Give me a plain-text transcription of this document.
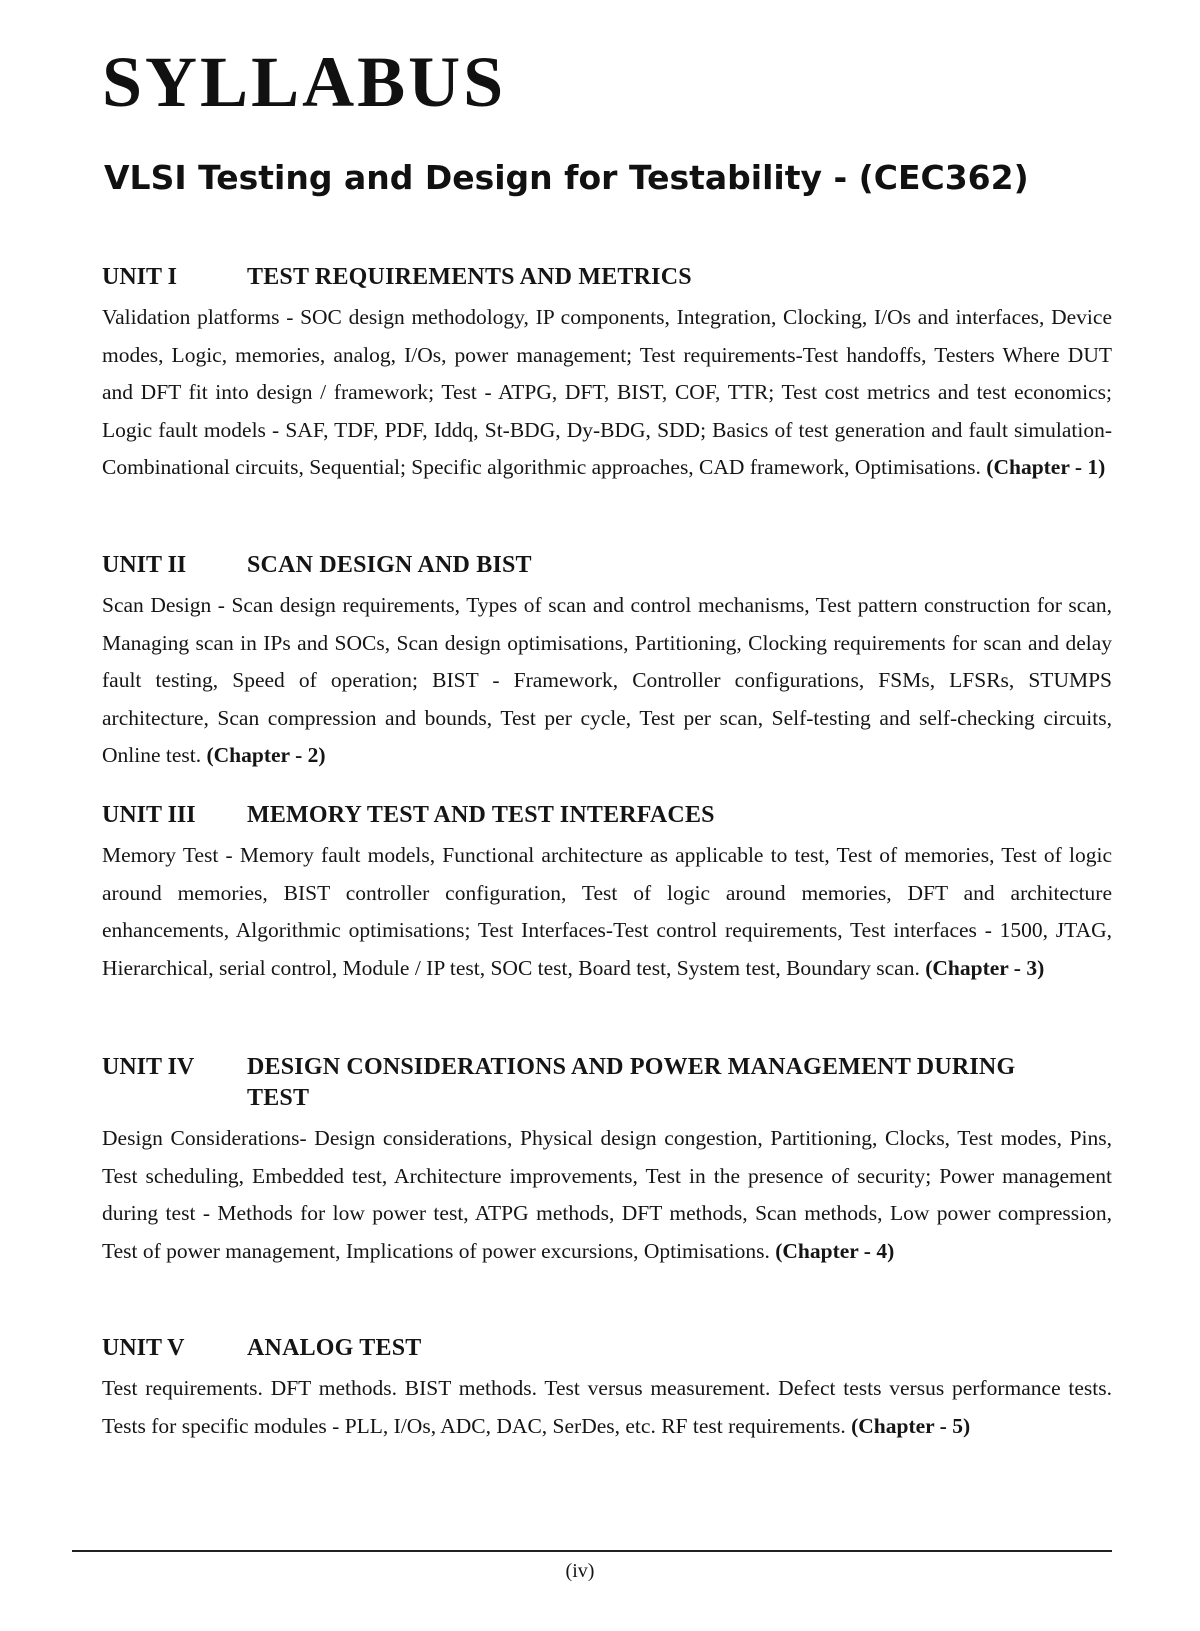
SYLLABUS
VLSI Testing and Design for Testability - (CEC362)
UNIT I	TEST REQUIREMENTS AND METRICS

Validation platforms - SOC design methodology, IP components, Integration, Clocking, I/Os and interfaces, Device modes, Logic, memories, analog, I/Os, power management; Test requirements-Test handoffs, Testers Where DUT and DFT fit into design / framework; Test - ATPG, DFT, BIST, COF, TTR; Test cost metrics and test economics; Logic fault models - SAF, TDF, PDF, Iddq, St-BDG, Dy-BDG, SDD; Basics of test generation and fault simulation- Combinational circuits, Sequential; Specific algorithmic approaches, CAD framework, Optimisations. (Chapter - 1)

UNIT II	SCAN DESIGN AND BIST

Scan Design - Scan design requirements, Types of scan and control mechanisms, Test pattern construction for scan, Managing scan in IPs and SOCs, Scan design optimisations, Partitioning, Clocking requirements for scan and delay fault testing, Speed of operation; BIST - Framework, Controller configurations, FSMs, LFSRs, STUMPS architecture, Scan compression and bounds, Test per cycle, Test per scan, Self-testing and self-checking circuits, Online test. (Chapter - 2)

UNIT III	MEMORY TEST AND TEST INTERFACES

Memory Test - Memory fault models, Functional architecture as applicable to test, Test of memories, Test of logic around memories, BIST controller configuration, Test of logic around memories, DFT and architecture enhancements, Algorithmic optimisations; Test Interfaces-Test control requirements, Test interfaces - 1500, JTAG, Hierarchical, serial control, Module / IP test, SOC test, Board test, System test, Boundary scan. (Chapter - 3)

UNIT IV	DESIGN CONSIDERATIONS AND POWER MANAGEMENT DURING TEST

Design Considerations- Design considerations, Physical design congestion, Partitioning, Clocks, Test modes, Pins, Test scheduling, Embedded test, Architecture improvements, Test in the presence of security; Power management during test - Methods for low power test, ATPG methods, DFT methods, Scan methods, Low power compression, Test of power management, Implications of power excursions, Optimisations. (Chapter - 4)

UNIT V	ANALOG TEST

Test requirements. DFT methods. BIST methods. Test versus measurement. Defect tests versus performance tests. Tests for specific modules - PLL, I/Os, ADC, DAC, SerDes, etc. RF test requirements. (Chapter - 5)

(iv)
